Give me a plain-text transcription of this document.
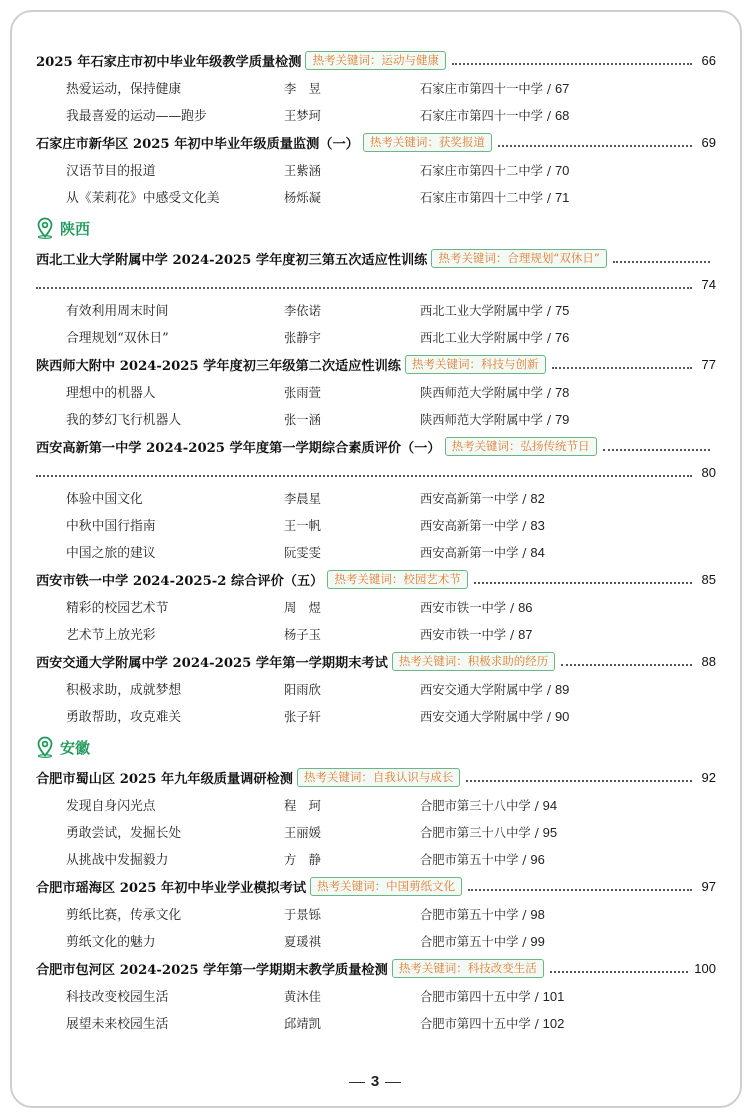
2025 年石家庄市初中毕业年级教学质量检测 热考关键词：运动与健康	66
热爱运动，保持健康	李　昱	石家庄市第四十一中学 / 67
我最喜爱的运动——跑步	王梦珂	石家庄市第四十一中学 / 68
石家庄市新华区 2025 年初中毕业年级质量监测（一） 热考关键词：获奖报道	69
汉语节目的报道	王紫涵	石家庄市第四十二中学 / 70
从《茉莉花》中感受文化美	杨烁凝	石家庄市第四十二中学 / 71
陕西
西北工业大学附属中学 2024-2025 学年度初三第五次适应性训练 热考关键词：合理规划“双休日”
74
有效利用周末时间	李依诺	西北工业大学附属中学 / 75
合理规划“双休日”	张静宇	西北工业大学附属中学 / 76
陕西师大附中 2024-2025 学年度初三年级第二次适应性训练 热考关键词：科技与创新	77
理想中的机器人	张雨萱	陕西师范大学附属中学 / 78
我的梦幻飞行机器人	张一涵	陕西师范大学附属中学 / 79
西安高新第一中学 2024-2025 学年度第一学期综合素质评价（一） 热考关键词：弘扬传统节日
80
体验中国文化	李晨星	西安高新第一中学 / 82
中秋中国行指南	王一帆	西安高新第一中学 / 83
中国之旅的建议	阮雯雯	西安高新第一中学 / 84
西安市铁一中学 2024-2025-2 综合评价（五） 热考关键词：校园艺术节	85
精彩的校园艺术节	周　煜	西安市铁一中学 / 86
艺术节上放光彩	杨子玉	西安市铁一中学 / 87
西安交通大学附属中学 2024-2025 学年第一学期期末考试 热考关键词：积极求助的经历	88
积极求助，成就梦想	阳雨欣	西安交通大学附属中学 / 89
勇敢帮助，攻克难关	张子轩	西安交通大学附属中学 / 90
安徽
合肥市蜀山区 2025 年九年级质量调研检测 热考关键词：自我认识与成长	92
发现自身闪光点	程　珂	合肥市第三十八中学 / 94
勇敢尝试，发掘长处	王丽媛	合肥市第三十八中学 / 95
从挑战中发掘毅力	方　静	合肥市第五十中学 / 96
合肥市瑶海区 2025 年初中毕业学业模拟考试 热考关键词：中国剪纸文化	97
剪纸比赛，传承文化	于景铄	合肥市第五十中学 / 98
剪纸文化的魅力	夏瑗祺	合肥市第五十中学 / 99
合肥市包河区 2024-2025 学年第一学期期末教学质量检测 热考关键词：科技改变生活	100
科技改变校园生活	黄沐佳	合肥市第四十五中学 / 101
展望未来校园生活	邱靖凯	合肥市第四十五中学 / 102
3
